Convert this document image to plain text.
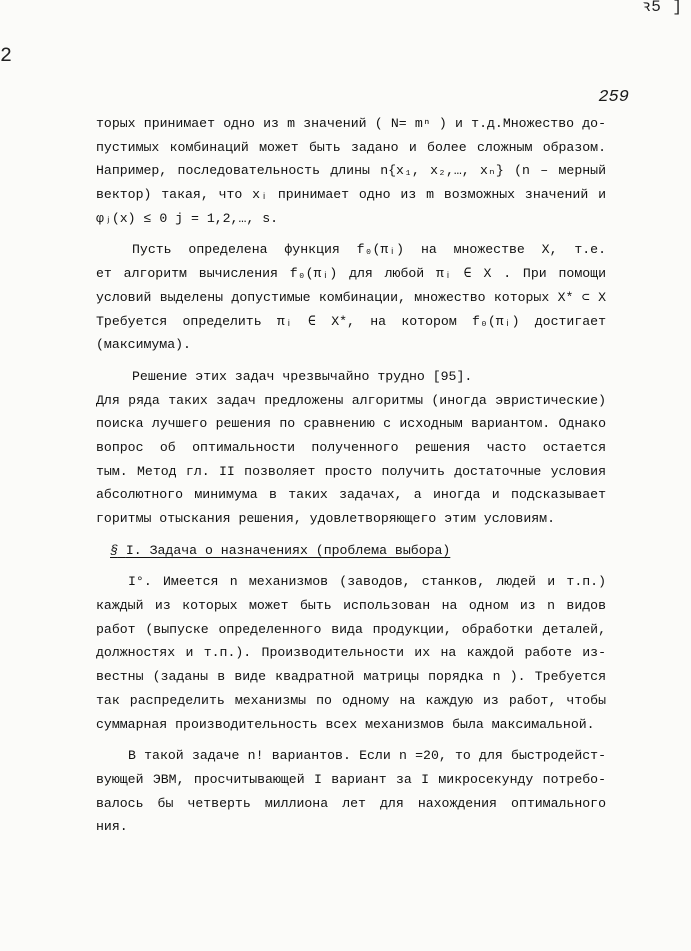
2
ꝛ5 ]
259
торых принимает одно из m значений ( N= mⁿ ) и т.д.Множество до-
пустимых комбинаций может быть задано и более сложным образом.
Например, последовательность длины n{x₁, x₂,…, xₙ} (n – мерный
вектор) такая, что xᵢ принимает одно из m возможных значений и
φⱼ(x) ≤ 0 j = 1,2,…, s.
Пусть определена функция f₀(πᵢ) на множестве X, т.е.
ет алгоритм вычисления f₀(πᵢ) для любой πᵢ ∈ X . При помощи
условий выделены допустимые комбинации, множество которых X* ⊂ X
Требуется определить πᵢ ∈ X*, на котором f₀(πᵢ) достигает
(максимума).
Решение этих задач чрезвычайно трудно [95].
Для ряда таких задач предложены алгоритмы (иногда эвристические)
поиска лучшего решения по сравнению с исходным вариантом. Однако
вопрос об оптимальности полученного решения часто остается
тым. Метод гл. II позволяет просто получить достаточные условия
абсолютного минимума в таких задачах, а иногда и подсказывает
горитмы отыскания решения, удовлетворяющего этим условиям.
§ I. Задача о назначениях (проблема выбора)
I°. Имеется n механизмов (заводов, станков, людей и т.п.)
каждый из которых может быть использован на одном из n видов
работ (выпуске определенного вида продукции, обработки деталей,
должностях и т.п.). Производительности их на каждой работе из-
вестны (заданы в виде квадратной матрицы порядка n ). Требуется
так распределить механизмы по одному на каждую из работ, чтобы
суммарная производительность всех механизмов была максимальной.
В такой задаче n! вариантов. Если n =20, то для быстродейст-
вующей ЭВМ, просчитывающей I вариант за I микросекунду потребо-
валось бы четверть миллиона лет для нахождения оптимального
ния.
